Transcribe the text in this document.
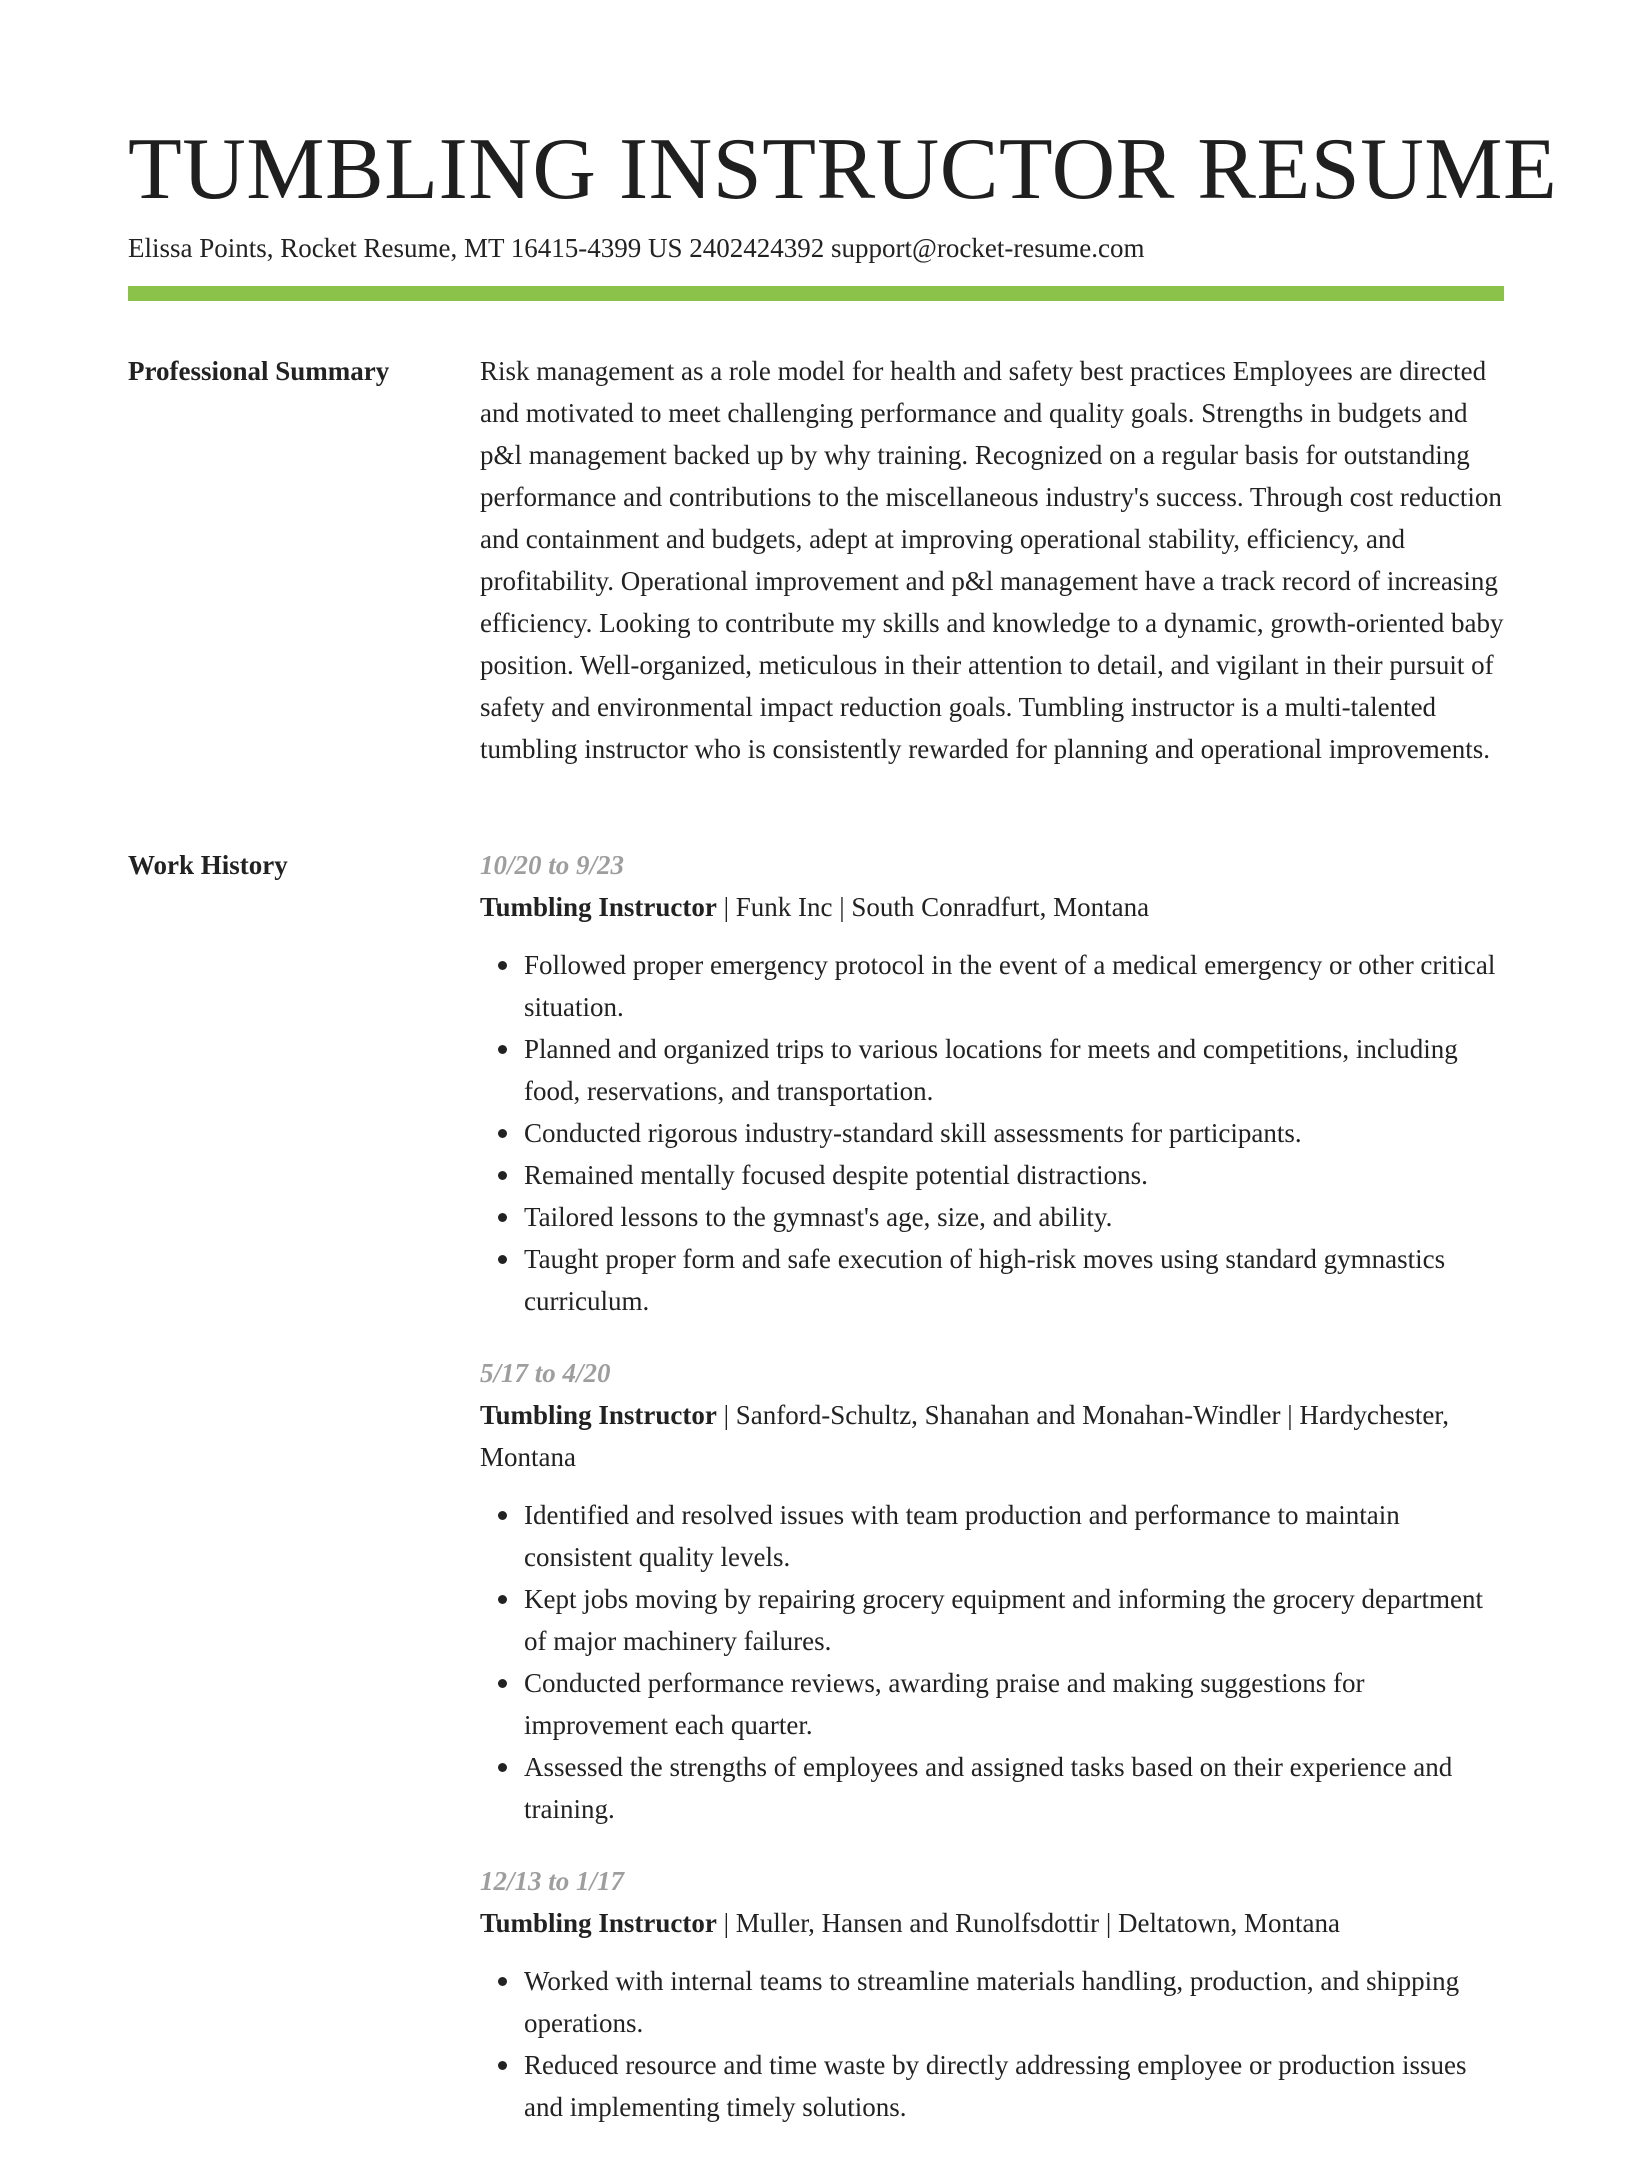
TUMBLING INSTRUCTOR RESUME
Elissa Points, Rocket Resume, MT 16415-4399 US 2402424392 support@rocket-resume.com
Professional Summary	Risk management as a role model for health and safety best practices Employees are directed and motivated to meet challenging performance and quality goals. Strengths in budgets and p&l management backed up by why training. Recognized on a regular basis for outstanding performance and contributions to the miscellaneous industry's success. Through cost reduction and containment and budgets, adept at improving operational stability, efficiency, and profitability. Operational improvement and p&l management have a track record of increasing efficiency. Looking to contribute my skills and knowledge to a dynamic, growth-oriented baby position. Well-organized, meticulous in their attention to detail, and vigilant in their pursuit of safety and environmental impact reduction goals. Tumbling instructor is a multi-talented tumbling instructor who is consistently rewarded for planning and operational improvements.

Work History	10/20 to 9/23
Tumbling Instructor | Funk Inc | South Conradfurt, Montana
Followed proper emergency protocol in the event of a medical emergency or other critical situation.
Planned and organized trips to various locations for meets and competitions, including food, reservations, and transportation.
Conducted rigorous industry-standard skill assessments for participants.
Remained mentally focused despite potential distractions.
Tailored lessons to the gymnast's age, size, and ability.
Taught proper form and safe execution of high-risk moves using standard gymnastics curriculum.
5/17 to 4/20
Tumbling Instructor | Sanford-Schultz, Shanahan and Monahan-Windler | Hardychester, Montana
Identified and resolved issues with team production and performance to maintain consistent quality levels.
Kept jobs moving by repairing grocery equipment and informing the grocery department of major machinery failures.
Conducted performance reviews, awarding praise and making suggestions for improvement each quarter.
Assessed the strengths of employees and assigned tasks based on their experience and training.
12/13 to 1/17
Tumbling Instructor | Muller, Hansen and Runolfsdottir | Deltatown, Montana
Worked with internal teams to streamline materials handling, production, and shipping operations.
Reduced resource and time waste by directly addressing employee or production issues and implementing timely solutions.
